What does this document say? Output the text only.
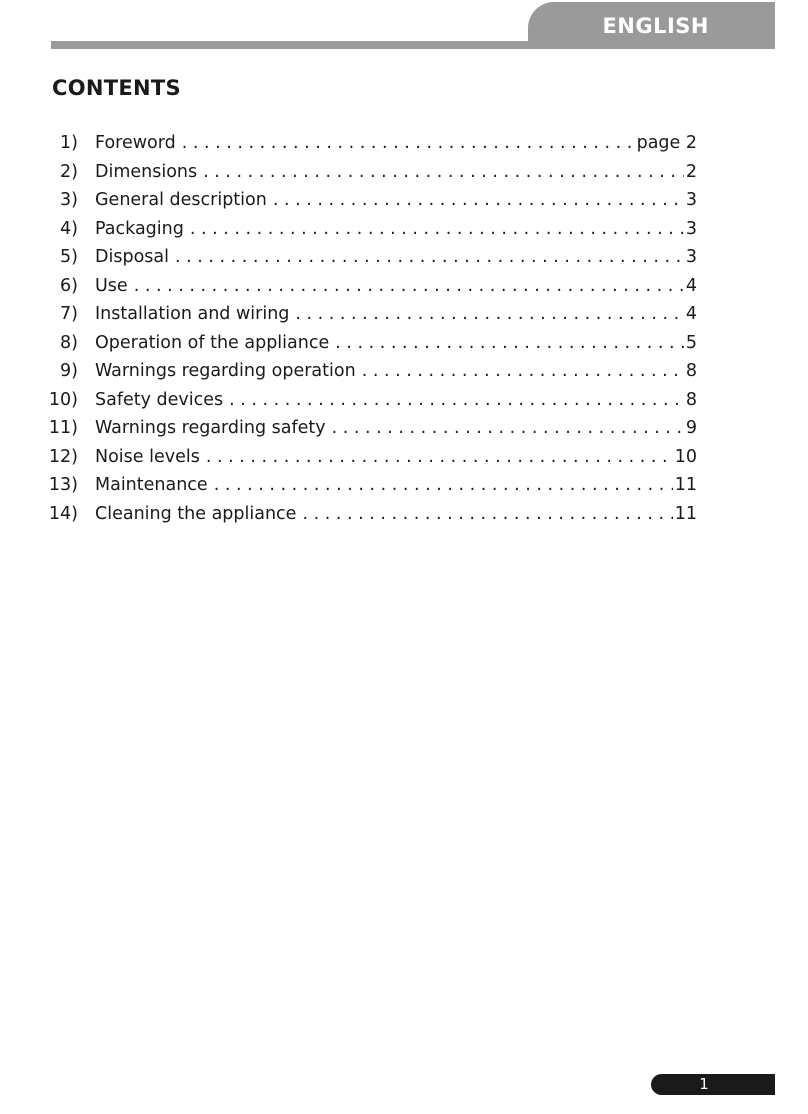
ENGLISH
CONTENTS
1) Foreword . . .	page 2
2) Dimensions . . .	2
3) General description . . .	3
4) Packaging . . .	3
5) Disposal . . .	3
6) Use . . .	4
7) Installation and wiring . . .	4
8) Operation of the appliance . . .	5
9) Warnings regarding operation . . .	8
10) Safety devices . . .	8
11) Warnings regarding safety . . .	9
12) Noise levels . . .	10
13) Maintenance . . .	11
14) Cleaning the appliance . . .	11
1
